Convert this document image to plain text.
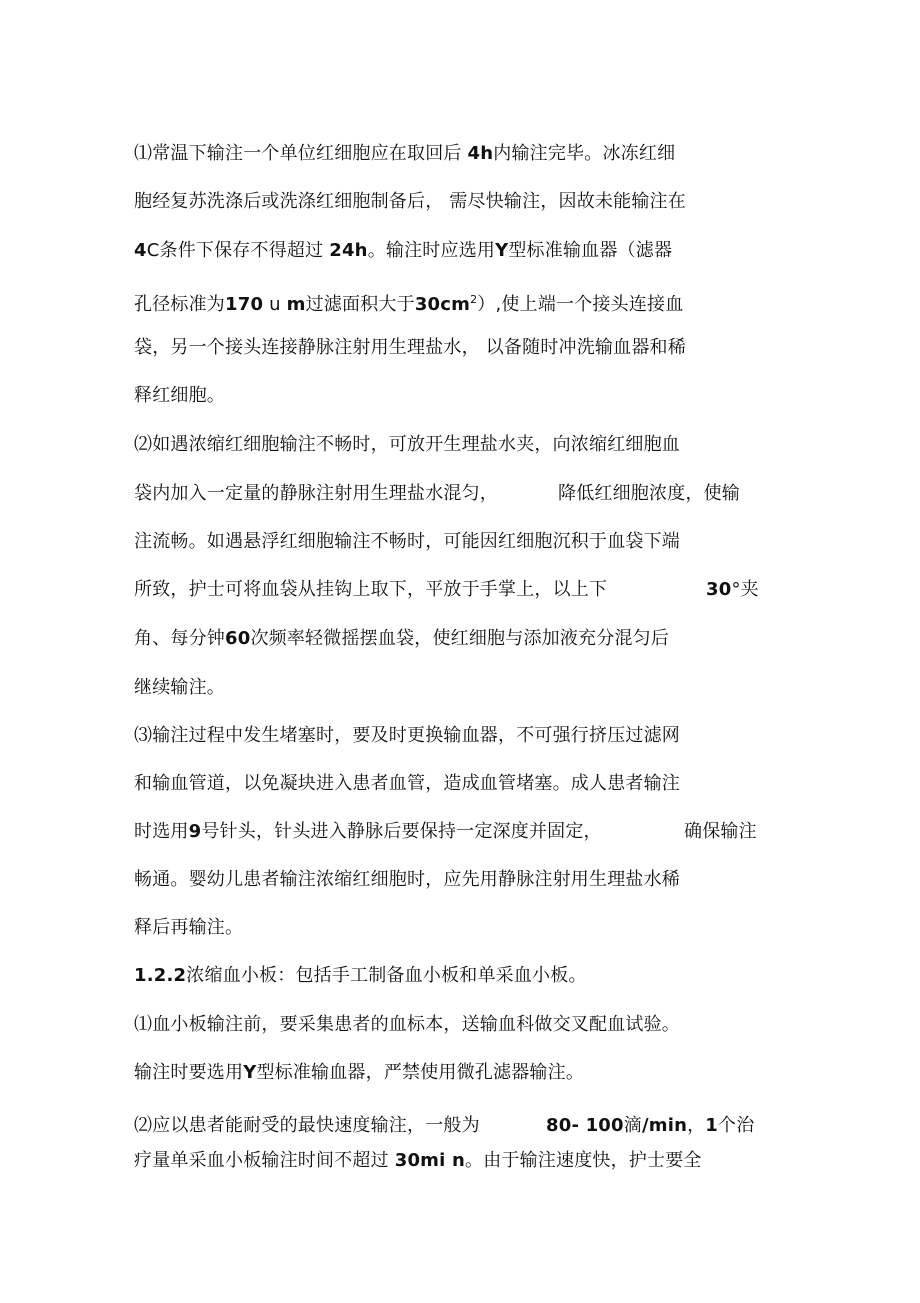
⑴常温下输注一个单位红细胞应在取回后 4h内输注完毕。冰冻红细
胞经复苏洗涤后或洗涤红细胞制备后， 需尽快输注，因故未能输注在
4C条件下保存不得超过 24h。输注时应选用Y型标准输血器（滤器
孔径标准为170 u m过滤面积大于$30cm^2$）,使上端一个接头连接血
袋，另一个接头连接静脉注射用生理盐水， 以备随时冲洗输血器和稀
释红细胞。
⑵如遇浓缩红细胞输注不畅时，可放开生理盐水夹，向浓缩红细胞血
袋内加入一定量的静脉注射用生理盐水混匀，	降低红细胞浓度，使输
注流畅。如遇悬浮红细胞输注不畅时，可能因红细胞沉积于血袋下端
所致，护士可将血袋从挂钩上取下，平放于手掌上，以上下	30°夹
角、每分钟60次频率轻微摇摆血袋，使红细胞与添加液充分混匀后
继续输注。
⑶输注过程中发生堵塞时，要及时更换输血器，不可强行挤压过滤网
和输血管道，以免凝块进入患者血管，造成血管堵塞。成人患者输注
时选用9号针头，针头进入静脉后要保持一定深度并固定，	确保输注
畅通。婴幼儿患者输注浓缩红细胞时，应先用静脉注射用生理盐水稀
释后再输注。
1.2.2浓缩血小板：包括手工制备血小板和单采血小板。
⑴血小板输注前，要采集患者的血标本，送输血科做交叉配血试验。
输注时要选用Y型标准输血器，严禁使用微孔滤器输注。
⑵应以患者能耐受的最快速度输注，一般为	80- 100滴/min，1个治
疗量单采血小板输注时间不超过 30mi n。由于输注速度快，护士要全
